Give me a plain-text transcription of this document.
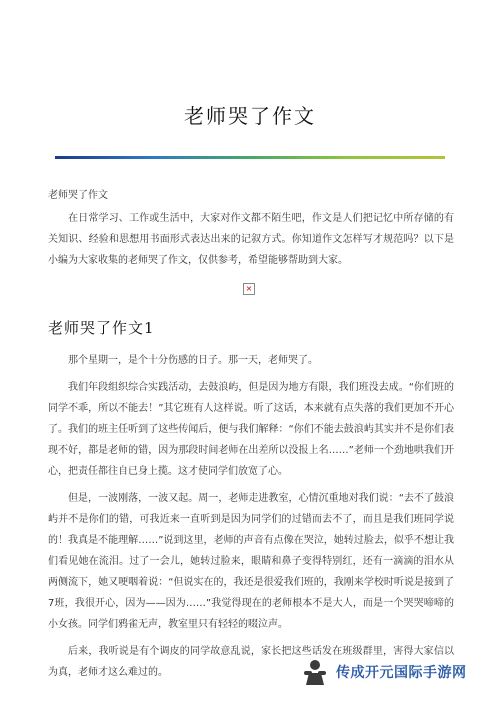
老师哭了作文
老师哭了作文
在日常学习、工作或生活中，大家对作文都不陌生吧，作文是人们把记忆中所存储的有关知识、经验和思想用书面形式表达出来的记叙方式。你知道作文怎样写才规范吗？以下是小编为大家收集的老师哭了作文，仅供参考，希望能够帮助到大家。
×
老师哭了作文1

那个星期一，是个十分伤感的日子。那一天，老师哭了。

我们年段组织综合实践活动，去鼓浪屿，但是因为地方有限，我们班没去成。“你们班的同学不乖，所以不能去！”其它班有人这样说。听了这话，本来就有点失落的我们更加不开心了。我们的班主任听到了这些传闻后，便与我们解释：“你们不能去鼓浪屿其实并不是你们表现不好，都是老师的错，因为那段时间老师在出差所以没报上名……”老师一个劲地哄我们开心，把责任都往自已身上揽。这才使同学们放宽了心。

但是，一波刚落，一波又起。周一，老师走进教室，心情沉重地对我们说：“去不了鼓浪屿并不是你们的错，可我近来一直听到是因为同学们的过错而去不了，而且是我们班同学说的！我真是不能理解……”说到这里，老师的声音有点像在哭泣，她转过脸去，似乎不想让我们看见她在流泪。过了一会儿，她转过脸来，眼睛和鼻子变得特别红，还有一滴滴的泪水从两侧流下，她又哽咽着说：“但说实在的，我还是很爱我们班的，我刚来学校时听说是接到了7班，我很开心，因为——因为……”我觉得现在的老师根本不是大人，而是一个哭哭啼啼的小女孩。同学们鸦雀无声，教室里只有轻轻的啜泣声。

后来，我听说是有个调皮的同学故意乱说，家长把这些话发在班级群里，害得大家信以为真，老师才这么难过的。	传成开元国际手游网
